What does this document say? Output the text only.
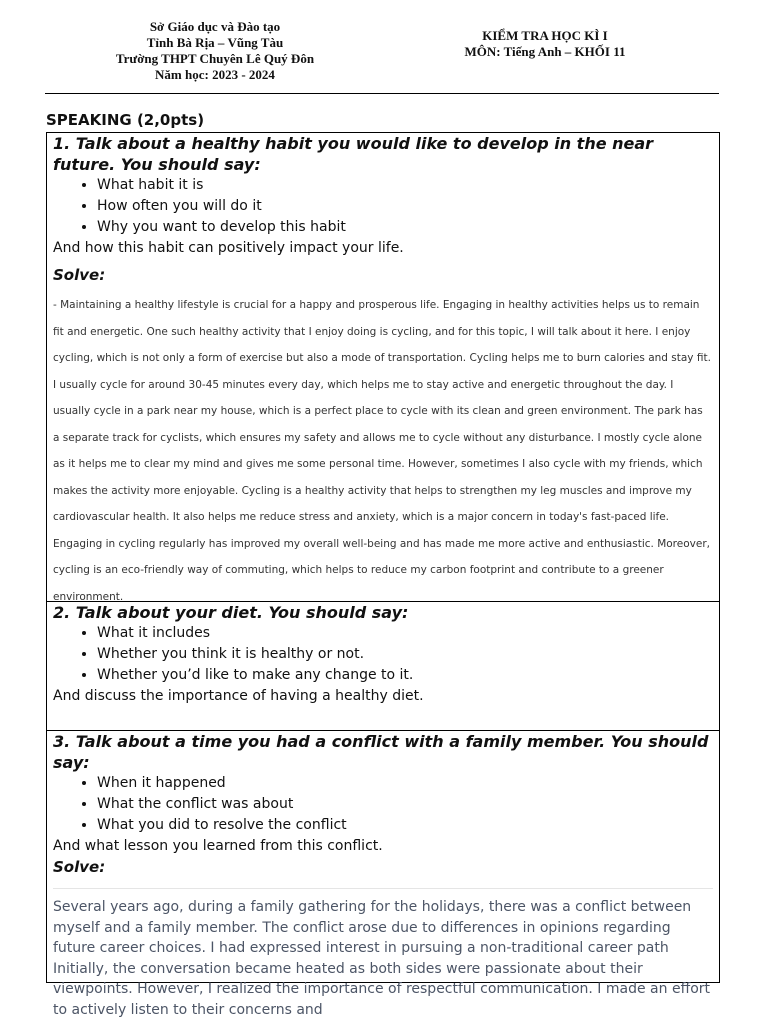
Sở Giáo dục và Đào tạo
Tỉnh Bà Rịa – Vũng Tàu
Trường THPT Chuyên Lê Quý Đôn
Năm học: 2023 - 2024
KIỂM TRA HỌC KÌ I
MÔN: Tiếng Anh – KHỐI 11
SPEAKING (2,0pts)

1. Talk about a healthy habit you would like to develop in the near future. You should say:

• What habit it is
• How often you will do it
• Why you want to develop this habit

And how this habit can positively impact your life.

Solve:

- Maintaining a healthy lifestyle is crucial for a happy and prosperous life. Engaging in healthy activities helps us to remain fit and energetic. One such healthy activity that I enjoy doing is cycling, and for this topic, I will talk about it here. I enjoy cycling, which is not only a form of exercise but also a mode of transportation. Cycling helps me to burn calories and stay fit. I usually cycle for around 30-45 minutes every day, which helps me to stay active and energetic throughout the day. I usually cycle in a park near my house, which is a perfect place to cycle with its clean and green environment. The park has a separate track for cyclists, which ensures my safety and allows me to cycle without any disturbance. I mostly cycle alone as it helps me to clear my mind and gives me some personal time. However, sometimes I also cycle with my friends, which makes the activity more enjoyable. Cycling is a healthy activity that helps to strengthen my leg muscles and improve my cardiovascular health. It also helps me reduce stress and anxiety, which is a major concern in today's fast-paced life. Engaging in cycling regularly has improved my overall well-being and has made me more active and enthusiastic. Moreover, cycling is an eco-friendly way of commuting, which helps to reduce my carbon footprint and contribute to a greener environment.

2. Talk about your diet. You should say:

• What it includes
• Whether you think it is healthy or not.
• Whether you’d like to make any change to it.

And discuss the importance of having a healthy diet.

3. Talk about a time you had a conflict with a family member. You should say:

• When it happened
• What the conflict was about
• What you did to resolve the conflict

And what lesson you learned from this conflict.

Solve:

Several years ago, during a family gathering for the holidays, there was a conflict between myself and a family member. The conflict arose due to differences in opinions regarding future career choices. I had expressed interest in pursuing a non-traditional career path Initially, the conversation became heated as both sides were passionate about their viewpoints. However, I realized the importance of respectful communication. I made an effort to actively listen to their concerns and
